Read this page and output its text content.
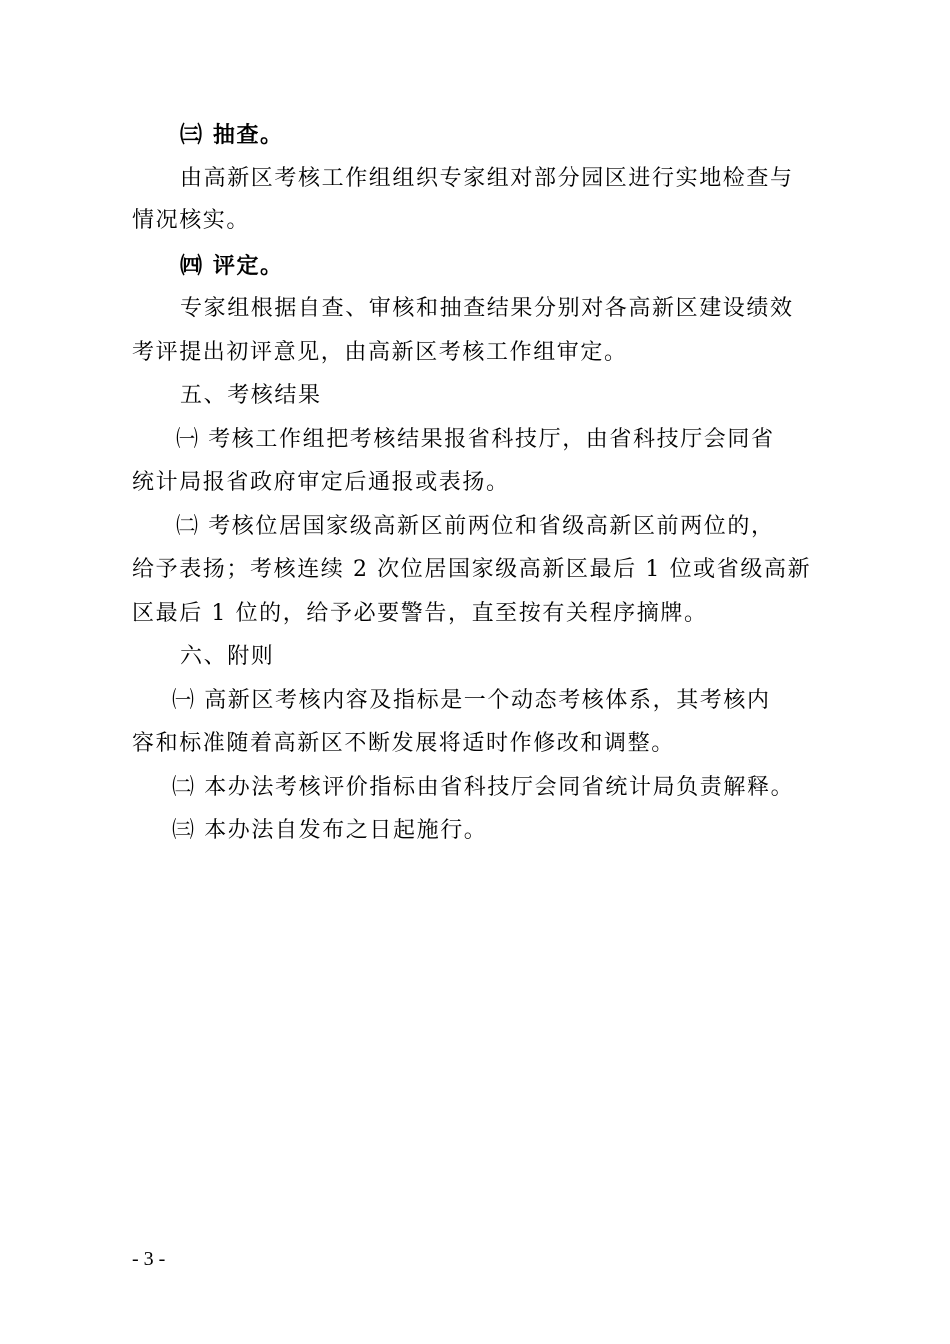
㈢ 抽查。
由高新区考核工作组组织专家组对部分园区进行实地检查与
情况核实。
㈣ 评定。
专家组根据自查、审核和抽查结果分别对各高新区建设绩效
考评提出初评意见，由高新区考核工作组审定。
五、考核结果
㈠ 考核工作组把考核结果报省科技厅，由省科技厅会同省
统计局报省政府审定后通报或表扬。
㈡ 考核位居国家级高新区前两位和省级高新区前两位的，
给予表扬；考核连续 2 次位居国家级高新区最后 1 位或省级高新
区最后 1 位的，给予必要警告，直至按有关程序摘牌。
六、附则
㈠ 高新区考核内容及指标是一个动态考核体系，其考核内
容和标准随着高新区不断发展将适时作修改和调整。
㈡ 本办法考核评价指标由省科技厅会同省统计局负责解释。
㈢ 本办法自发布之日起施行。
- 3 -
